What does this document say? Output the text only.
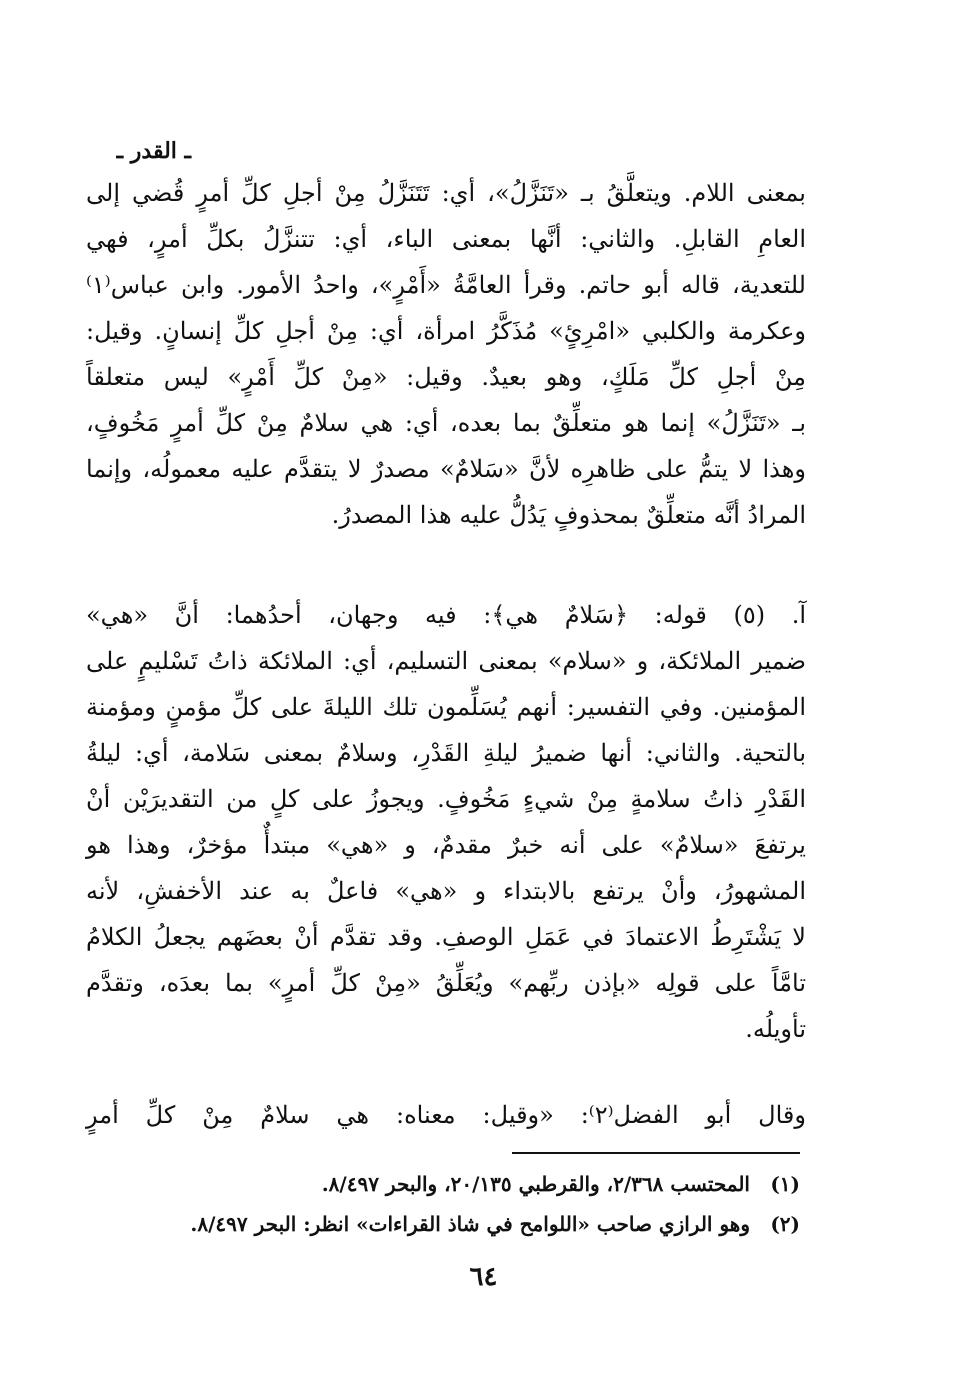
ـ القدر ـ
بمعنى اللام. ويتعلَّقُ بـ «تَنَزَّلُ»، أي: تَتَنَزَّلُ مِنْ أجلِ كلِّ أمرٍ قُضي إلى
العامِ القابلِ. والثاني: أنَّها بمعنى الباء، أي: تتنزَّلُ بكلِّ أمرٍ، فهي
للتعدية، قاله أبو حاتم. وقرأ العامَّةُ «أَمْرٍ»، واحدُ الأمور. وابن عباس⁽١⁾
وعكرمة والكلبي «امْرِئٍ» مُذَكَّرُ امرأة، أي: مِنْ أجلِ كلِّ إنسانٍ. وقيل:
مِنْ أجلِ كلِّ مَلَكٍ، وهو بعيدٌ. وقيل: «مِنْ كلِّ أَمْرٍ» ليس متعلقاً
بـ «تَنَزَّلُ» إنما هو متعلِّقٌ بما بعده، أي: هي سلامٌ مِنْ كلِّ أمرٍ مَخُوفٍ،
وهذا لا يتمُّ على ظاهرِه لأنَّ «سَلامٌ» مصدرٌ لا يتقدَّم عليه معمولُه، وإنما
المرادُ أنَّه متعلِّقٌ بمحذوفٍ يَدُلُّ عليه هذا المصدرُ.
آ. (٥) قوله: ﴿سَلامٌ هي﴾: فيه وجهان، أحدُهما: أنَّ «هي»
ضمير الملائكة، و «سلام» بمعنى التسليم، أي: الملائكة ذاتُ تَسْليمٍ على
المؤمنين. وفي التفسير: أنهم يُسَلِّمون تلك الليلةَ على كلِّ مؤمنٍ ومؤمنة
بالتحية. والثاني: أنها ضميرُ ليلةِ القَدْرِ، وسلامٌ بمعنى سَلامة، أي: ليلةُ
القَدْرِ ذاتُ سلامةٍ مِنْ شيءٍ مَخُوفٍ. ويجوزُ على كلٍ من التقديرَيْن أنْ
يرتفعَ «سلامٌ» على أنه خبرٌ مقدمٌ، و «هي» مبتدأٌ مؤخرٌ، وهذا هو
المشهورُ، وأنْ يرتفع بالابتداء و «هي» فاعلٌ به عند الأخفشِ، لأنه
لا يَشْتَرِطُ الاعتمادَ في عَمَلِ الوصفِ. وقد تقدَّم أنْ بعضَهم يجعلُ الكلامُ
تامَّاً على قولِه «بإذن ربِّهم» ويُعَلِّقُ «مِنْ كلِّ أمرٍ» بما بعدَه، وتقدَّم
تأويلُه.
وقال أبو الفضل⁽٢⁾: «وقيل: معناه: هي سلامٌ مِنْ كلِّ أمرٍ
(١)
المحتسب ٢/٣٦٨، والقرطبي ٢٠/١٣٥، والبحر ٨/٤٩٧.
(٢)
وهو الرازي صاحب «اللوامح في شاذ القراءات» انظر: البحر ٨/٤٩٧.
٦٤
